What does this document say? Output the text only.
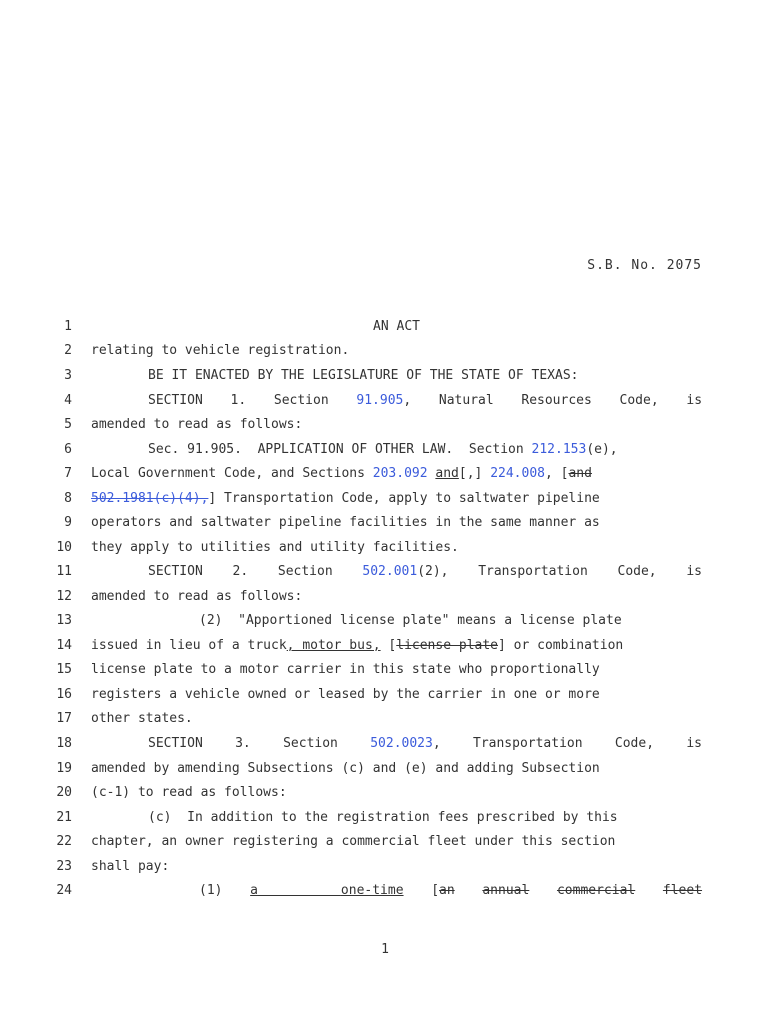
S.B. No. 2075
1	AN ACT
2 relating to vehicle registration.
3	BE IT ENACTED BY THE LEGISLATURE OF THE STATE OF TEXAS:
4	SECTION 1. Section 91.905, Natural Resources Code, is
5 amended to read as follows:
6	Sec. 91.905.  APPLICATION OF OTHER LAW.  Section 212.153(e),
7 Local Government Code, and Sections 203.092 and[,] 224.008, [and
8 502.1981(c)(4),] Transportation Code, apply to saltwater pipeline
9 operators and saltwater pipeline facilities in the same manner as
10 they apply to utilities and utility facilities.
11	SECTION 2. Section 502.001(2), Transportation Code, is
12 amended to read as follows:
13	(2)  "Apportioned license plate" means a license plate
14 issued in lieu of a truck, motor bus, [license plate] or combination
15 license plate to a motor carrier in this state who proportionally
16 registers a vehicle owned or leased by the carrier in one or more
17 other states.
18	SECTION 3. Section 502.0023, Transportation Code, is
19 amended by amending Subsections (c) and (e) and adding Subsection
20 (c-1) to read as follows:
21	(c)  In addition to the registration fees prescribed by this
22 chapter, an owner registering a commercial fleet under this section
23 shall pay:
24	(1) a	one-time [an annual commercial fleet
1
